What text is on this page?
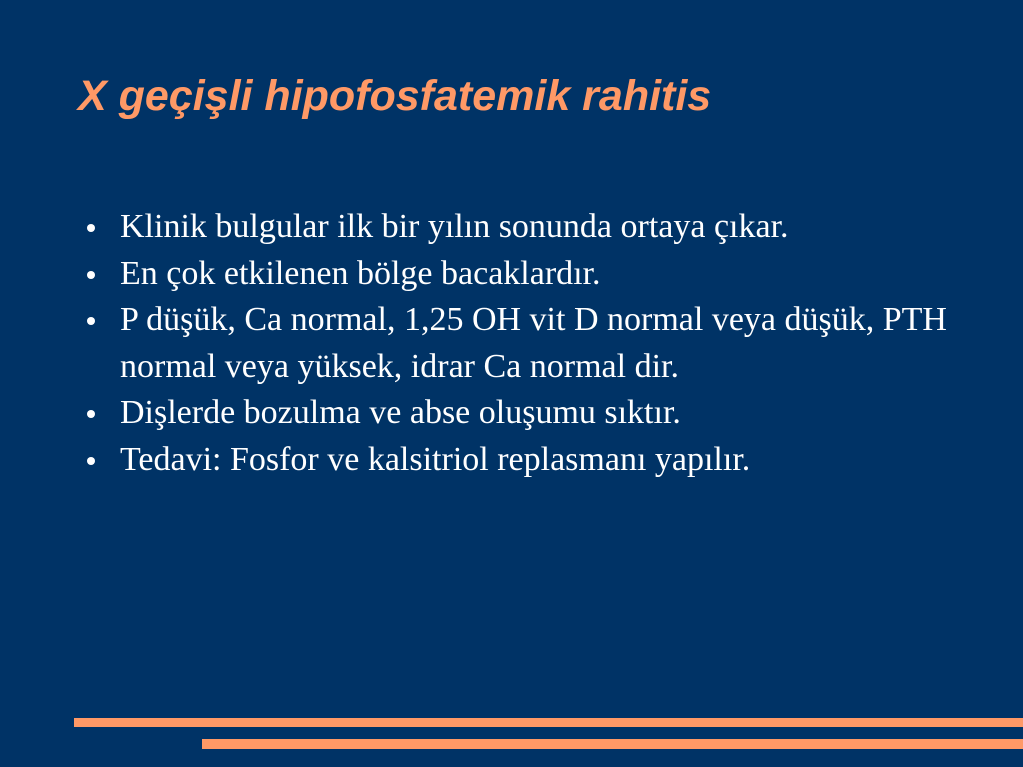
X geçişli hipofosfatemik rahitis
Klinik bulgular ilk bir yılın sonunda ortaya çıkar.
En çok etkilenen bölge bacaklardır.
P düşük, Ca normal, 1,25 OH vit D normal veya düşük, PTH normal veya yüksek, idrar Ca normal dir.
Dişlerde bozulma ve abse oluşumu sıktır.
Tedavi: Fosfor ve kalsitriol replasmanı yapılır.
